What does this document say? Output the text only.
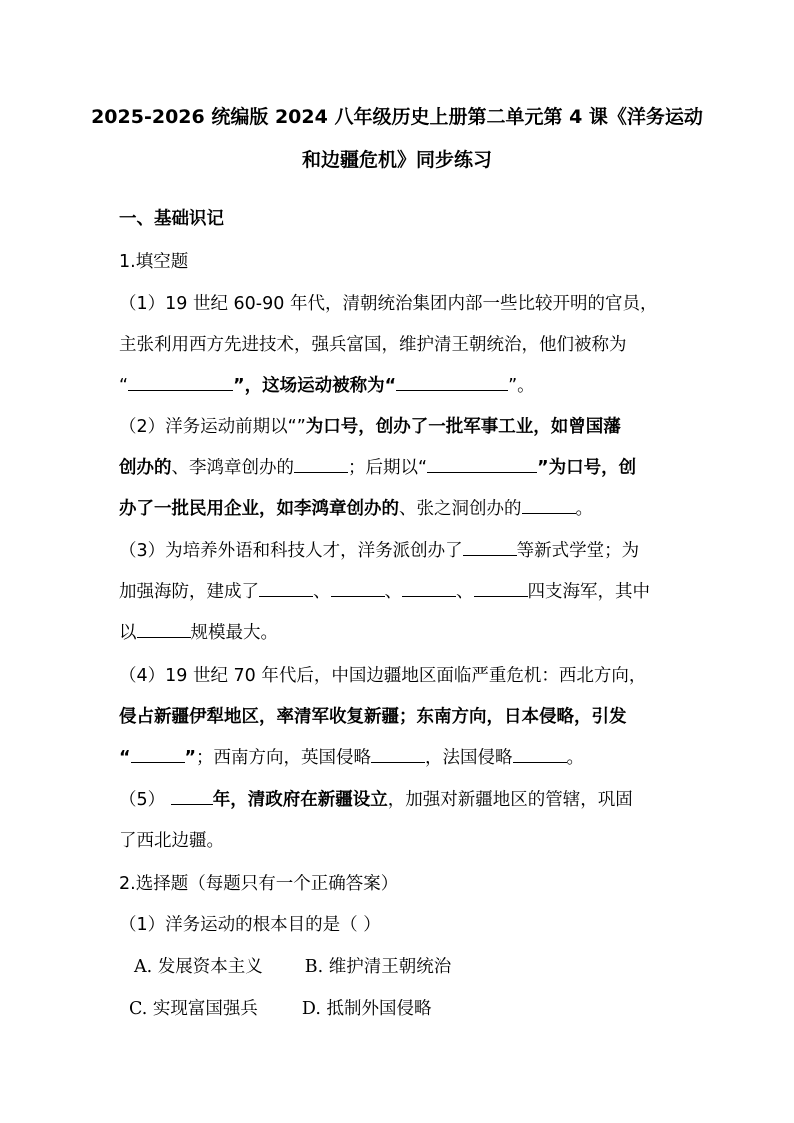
2025-2026 统编版 2024 八年级历史上册第二单元第 4 课《洋务运动
和边疆危机》同步练习
一、基础识记
1.填空题
（1）19 世纪 60-90 年代，清朝统治集团内部一些比较开明的官员，
主张利用西方先进技术，强兵富国，维护清王朝统治，他们被称为
“	”，这场运动被称为“	”。
（2）洋务运动前期以“”为口号，创办了一批军事工业，如曾国藩
创办的、李鸿章创办的	；后期以“	”为口号，创
办了一批民用企业，如李鸿章创办的、张之洞创办的	。
（3）为培养外语和科技人才，洋务派创办了	等新式学堂；为
加强海防，建成了	、	、	、	四支海军，其中
以	规模最大。
（4）19 世纪 70 年代后，中国边疆地区面临严重危机：西北方向，
侵占新疆伊犁地区，率清军收复新疆；东南方向，日本侵略，引发
“	”；西南方向，英国侵略	，法国侵略	。
（5） 年，清政府在新疆设立，加强对新疆地区的管辖，巩固
了西北边疆。
2.选择题（每题只有一个正确答案）
（1）洋务运动的根本目的是（ ）
A. 发展资本主义 B. 维护清王朝统治
C. 实现富国强兵	D. 抵制外国侵略
